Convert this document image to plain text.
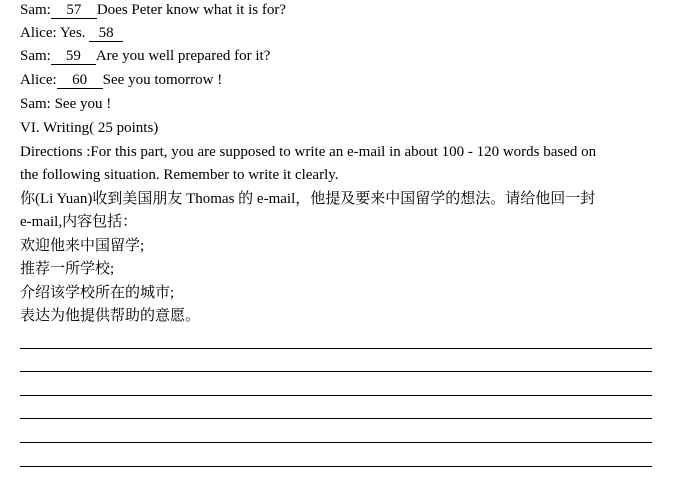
Sam: 57 Does Peter know what it is for?
Alice: Yes. 58
Sam: 59 Are you well prepared for it?
Alice: 60 See you tomorrow !
Sam: See you !
VI. Writing( 25 points)
Directions :For this part, you are supposed to write an e-mail in about 100 - 120 words based on
the following situation. Remember to write it clearly.
你(Li Yuan)收到美国朋友 Thomas 的 e-mail，他提及要来中国留学的想法。请给他回一封
e-mail,内容包括：
欢迎他来中国留学;
推荐一所学校;
介绍该学校所在的城市;
表达为他提供帮助的意愿。
